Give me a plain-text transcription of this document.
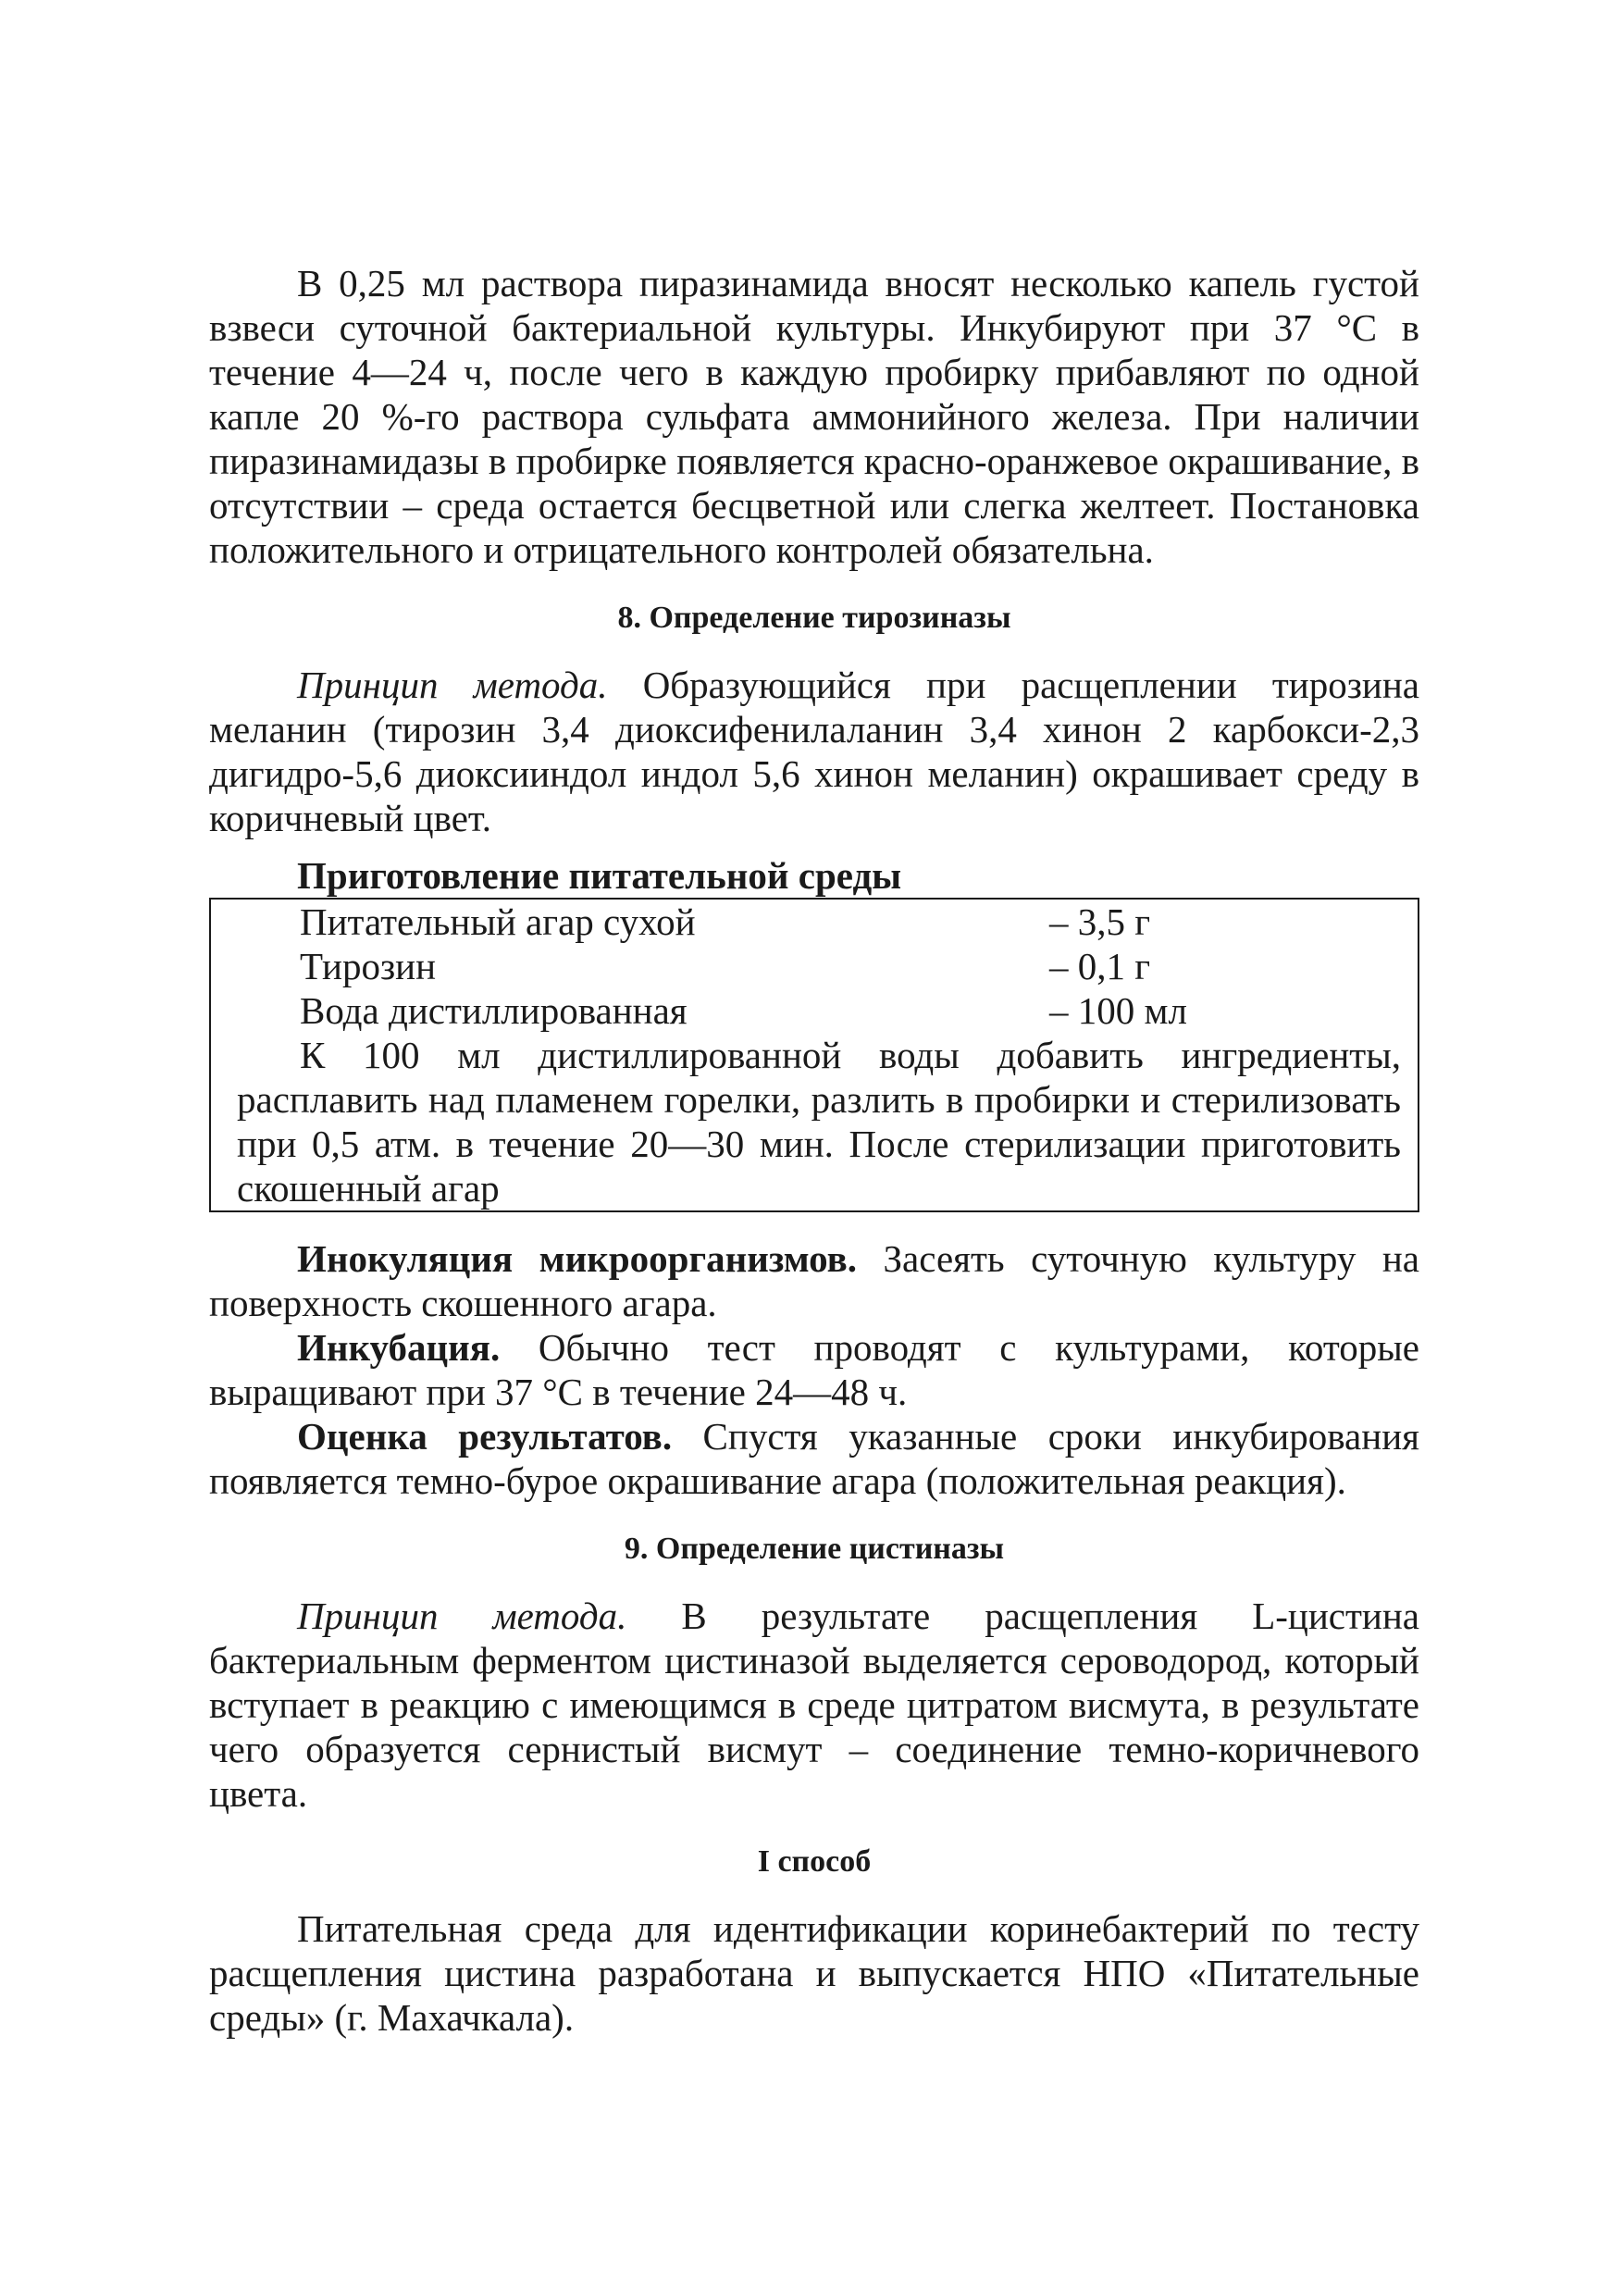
В 0,25 мл раствора пиразинамида вносят несколько капель густой взвеси суточной бактериальной культуры. Инкубируют при 37 °С в течение 4—24 ч, после чего в каждую пробирку прибавляют по одной капле 20 %-го раствора сульфата аммонийного железа. При наличии пиразинамидазы в пробирке появляется красно-оранжевое окрашивание, в отсутствии – среда остается бесцветной или слегка желтеет. Постановка положительного и отрицательного контролей обязательна.

8. Определение тирозиназы

Принцип метода. Образующийся при расщеплении тирозина меланин (тирозин 3,4 диоксифенилаланин 3,4 хинон 2 карбокси-2,3 дигидро-5,6 диоксииндол индол 5,6 хинон меланин) окрашивает среду в коричневый цвет.

Приготовление питательной среды
Питательный агар сухой	– 3,5 г
Тирозин	– 0,1 г
Вода дистиллированная	– 100 мл

К 100 мл дистиллированной воды добавить ингредиенты, расплавить над пламенем горелки, разлить в пробирки и стерилизовать при 0,5 атм. в течение 20—30 мин. После стерилизации приготовить скошенный агар

Инокуляция микроорганизмов. Засеять суточную культуру на поверхность скошенного агара.

Инкубация. Обычно тест проводят с культурами, которые выращивают при 37 °С в течение 24—48 ч.

Оценка результатов. Спустя указанные сроки инкубирования появляется темно-бурое окрашивание агара (положительная реакция).

9. Определение цистиназы

Принцип метода. В результате расщепления L-цистина бактериальным ферментом цистиназой выделяется сероводород, который вступает в реакцию с имеющимся в среде цитратом висмута, в результате чего образуется сернистый висмут – соединение темно-коричневого цвета.

I способ

Питательная среда для идентификации коринебактерий по тесту расщепления цистина разработана и выпускается НПО «Питательные среды» (г. Махачкала).
